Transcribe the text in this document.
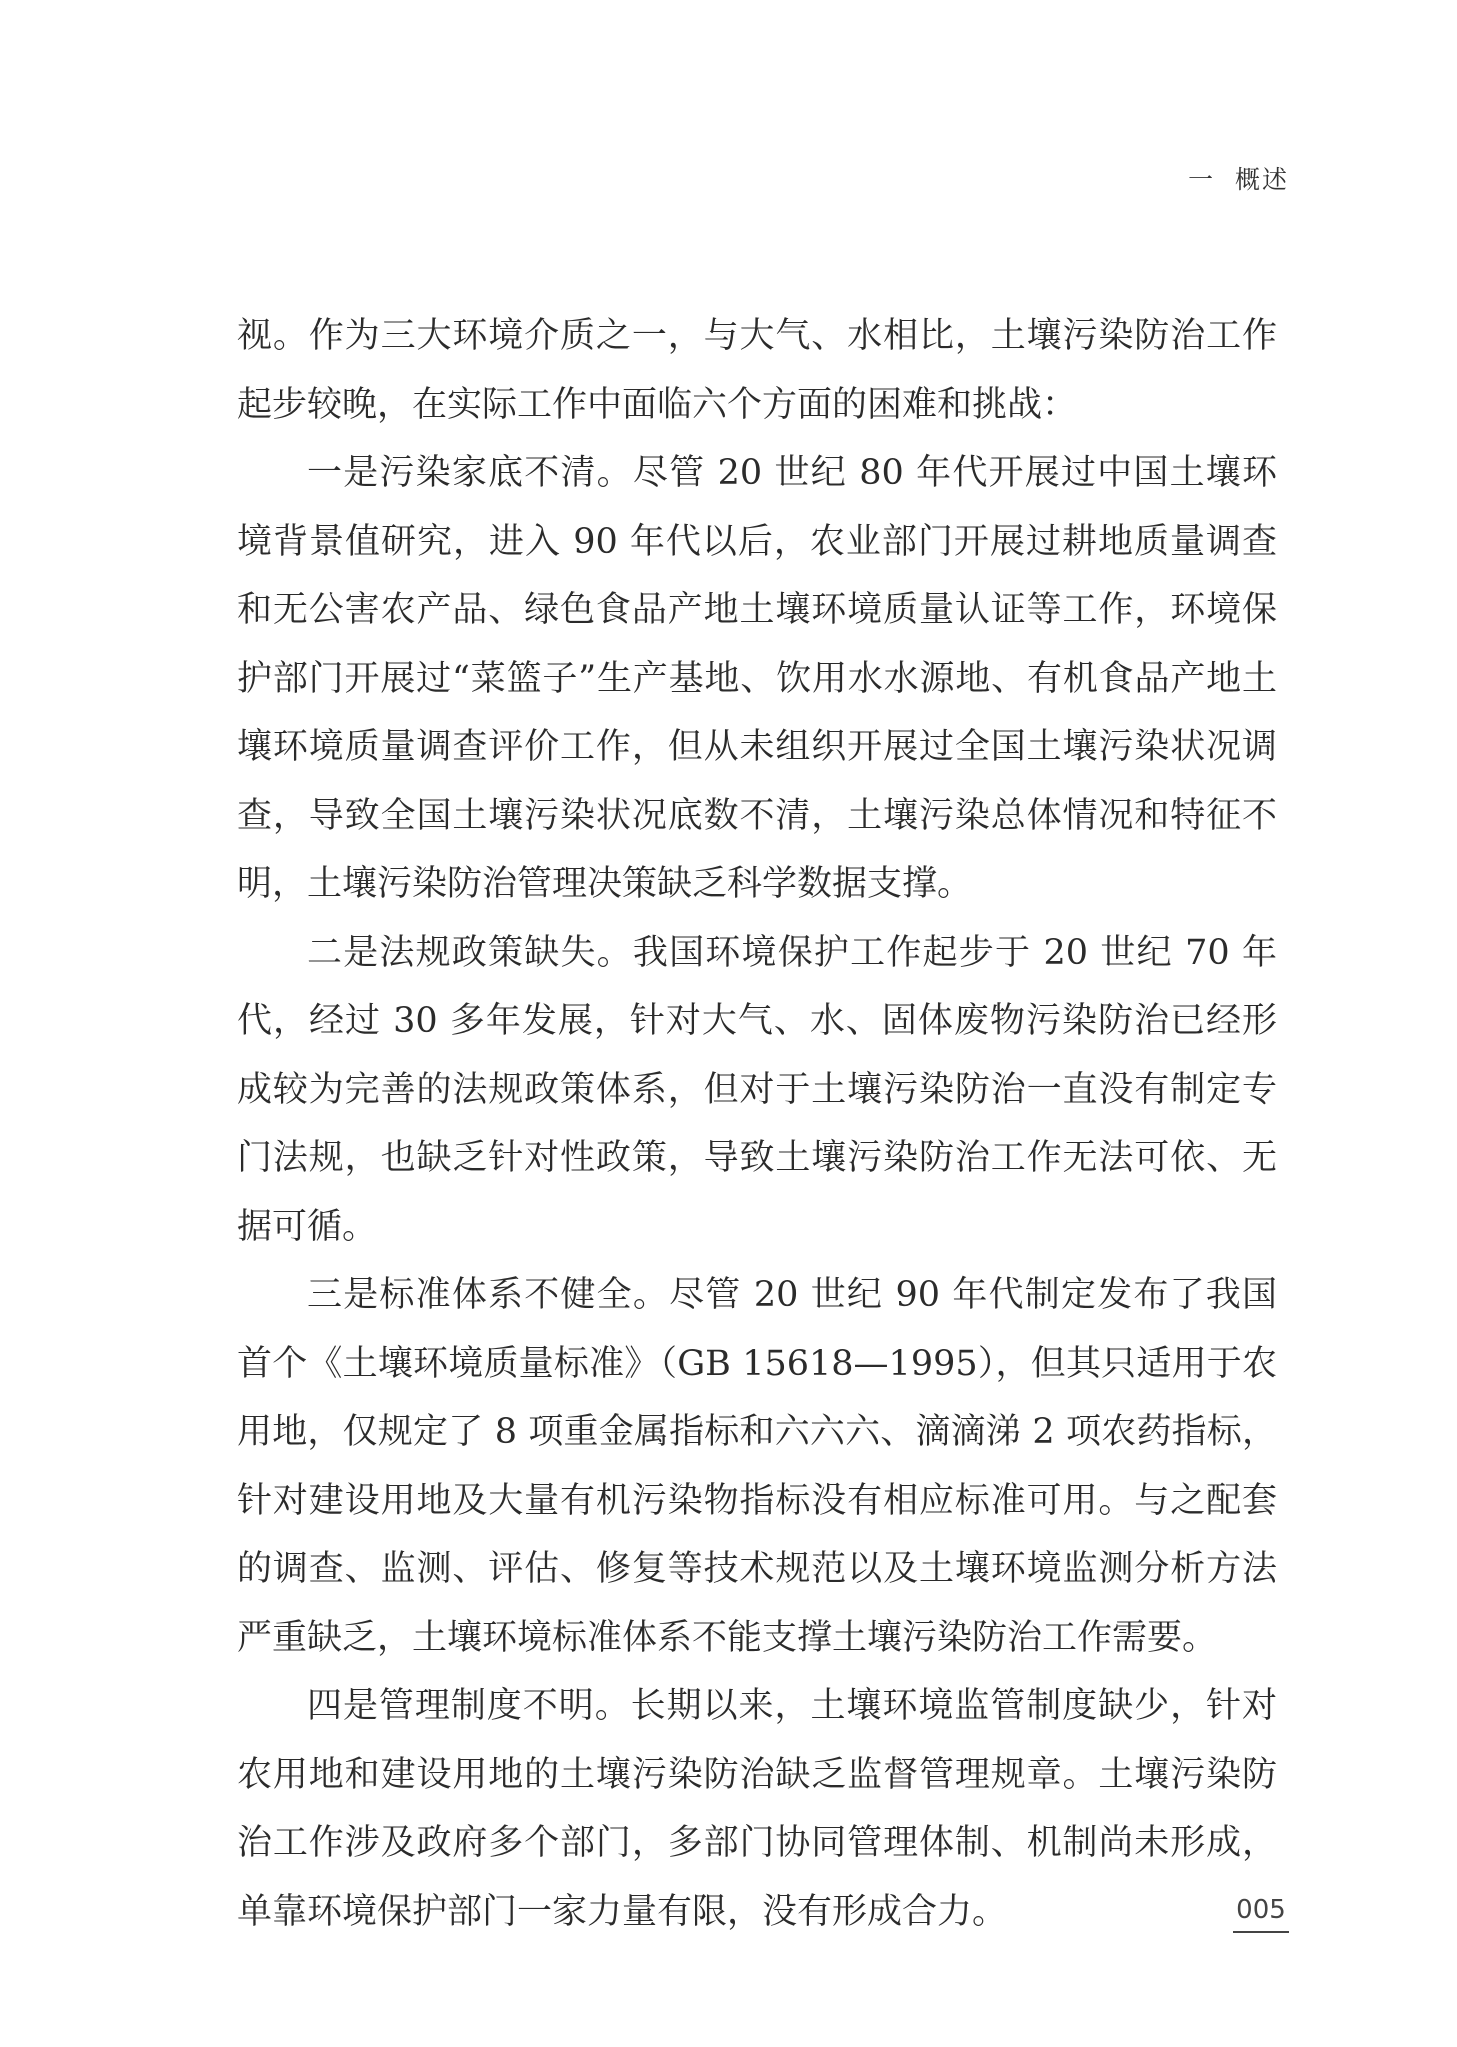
一  概述

视。作为三大环境介质之一，与大气、水相比，土壤污染防治工作起步较晚，在实际工作中面临六个方面的困难和挑战：

一是污染家底不清。尽管 20 世纪 80 年代开展过中国土壤环境背景值研究，进入 90 年代以后，农业部门开展过耕地质量调查和无公害农产品、绿色食品产地土壤环境质量认证等工作，环境保护部门开展过“菜篮子”生产基地、饮用水水源地、有机食品产地土壤环境质量调查评价工作，但从未组织开展过全国土壤污染状况调查，导致全国土壤污染状况底数不清，土壤污染总体情况和特征不明，土壤污染防治管理决策缺乏科学数据支撑。

二是法规政策缺失。我国环境保护工作起步于 20 世纪 70 年代，经过 30 多年发展，针对大气、水、固体废物污染防治已经形成较为完善的法规政策体系，但对于土壤污染防治一直没有制定专门法规，也缺乏针对性政策，导致土壤污染防治工作无法可依、无据可循。

三是标准体系不健全。尽管 20 世纪 90 年代制定发布了我国首个《土壤环境质量标准》（GB 15618—1995），但其只适用于农用地，仅规定了 8 项重金属指标和六六六、滴滴涕 2 项农药指标，针对建设用地及大量有机污染物指标没有相应标准可用。与之配套的调查、监测、评估、修复等技术规范以及土壤环境监测分析方法严重缺乏，土壤环境标准体系不能支撑土壤污染防治工作需要。

四是管理制度不明。长期以来，土壤环境监管制度缺少，针对农用地和建设用地的土壤污染防治缺乏监督管理规章。土壤污染防治工作涉及政府多个部门，多部门协同管理体制、机制尚未形成，单靠环境保护部门一家力量有限，没有形成合力。	005
